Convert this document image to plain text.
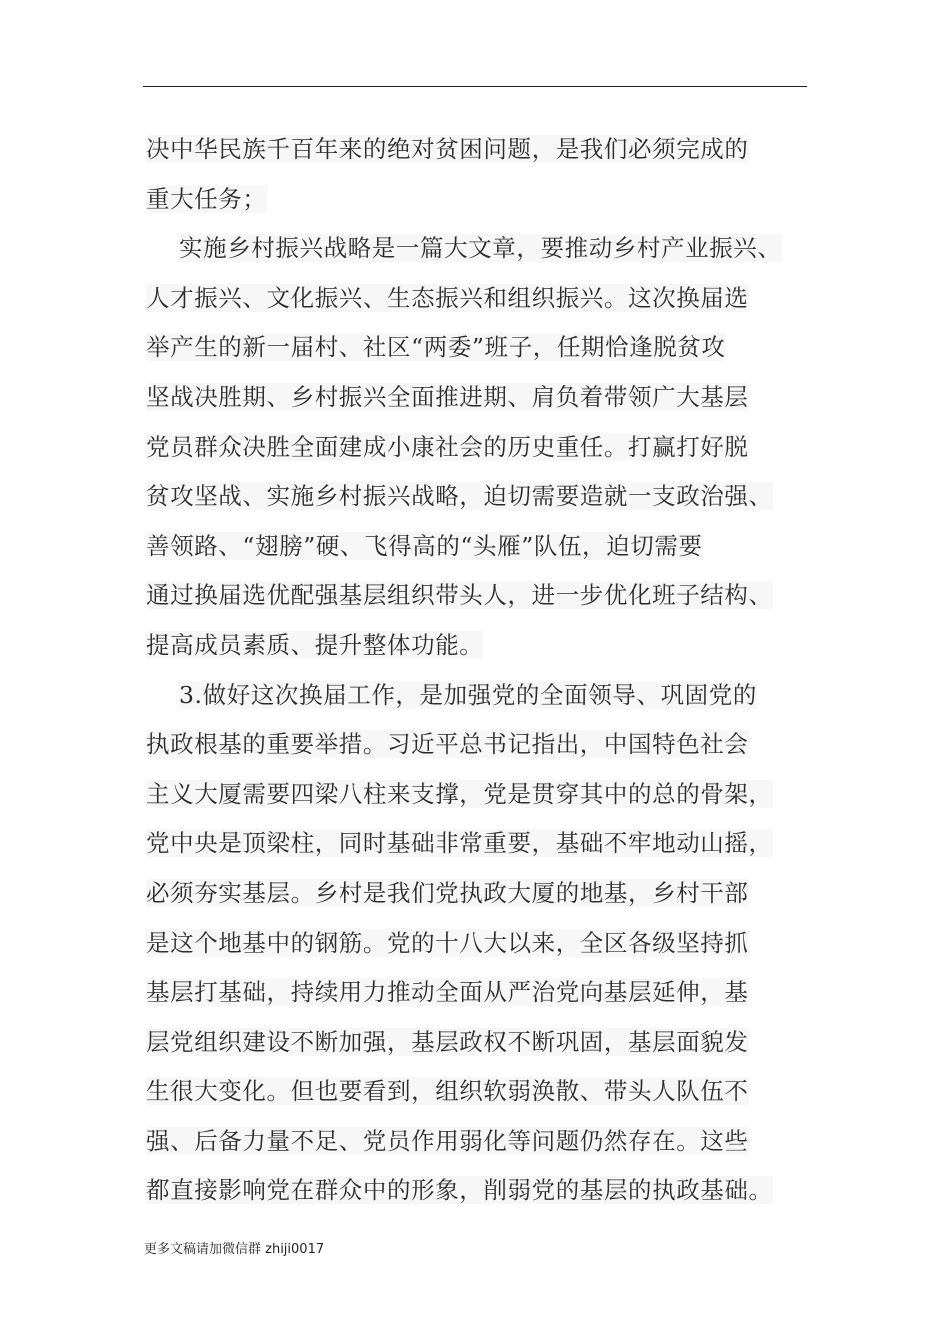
决中华民族千百年来的绝对贫困问题，是我们必须完成的
重大任务；
实施乡村振兴战略是一篇大文章，要推动乡村产业振兴、
人才振兴、文化振兴、生态振兴和组织振兴。这次换届选
举产生的新一届村、社区“两委”班子，任期恰逢脱贫攻
坚战决胜期、乡村振兴全面推进期、肩负着带领广大基层
党员群众决胜全面建成小康社会的历史重任。打赢打好脱
贫攻坚战、实施乡村振兴战略，迫切需要造就一支政治强、
善领路、“翅膀”硬、飞得高的“头雁”队伍，迫切需要
通过换届选优配强基层组织带头人，进一步优化班子结构、
提高成员素质、提升整体功能。
3.做好这次换届工作，是加强党的全面领导、巩固党的
执政根基的重要举措。习近平总书记指出，中国特色社会
主义大厦需要四梁八柱来支撑，党是贯穿其中的总的骨架，
党中央是顶梁柱，同时基础非常重要，基础不牢地动山摇，
必须夯实基层。乡村是我们党执政大厦的地基，乡村干部
是这个地基中的钢筋。党的十八大以来，全区各级坚持抓
基层打基础，持续用力推动全面从严治党向基层延伸，基
层党组织建设不断加强，基层政权不断巩固，基层面貌发
生很大变化。但也要看到，组织软弱涣散、带头人队伍不
强、后备力量不足、党员作用弱化等问题仍然存在。这些
都直接影响党在群众中的形象，削弱党的基层的执政基础。
更多文稿请加微信群 zhiji0017
